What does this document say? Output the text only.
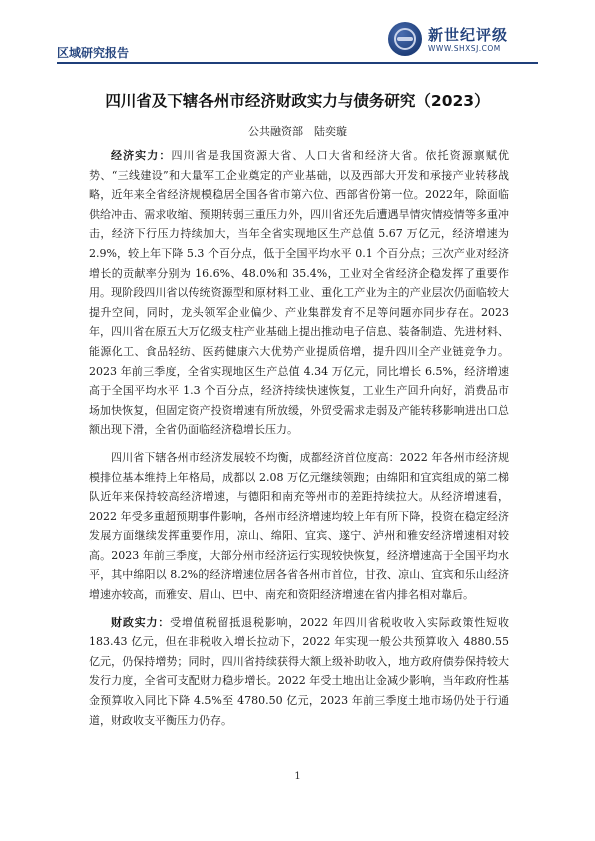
区域研究报告
新世纪评级
WWW.SHXSJ.COM
四川省及下辖各州市经济财政实力与债务研究（2023）
公共融资部　陆奕璇

经济实力：四川省是我国资源大省、人口大省和经济大省。依托资源禀赋优势、“三线建设”和大量军工企业奠定的产业基础，以及西部大开发和承接产业转移战略，近年来全省经济规模稳居全国各省市第六位、西部省份第一位。2022年，除面临供给冲击、需求收缩、预期转弱三重压力外，四川省还先后遭遇旱情灾情疫情等多重冲击，经济下行压力持续加大，当年全省实现地区生产总值 5.67 万亿元，经济增速为 2.9%，较上年下降 5.3 个百分点，低于全国平均水平 0.1 个百分点；三次产业对经济增长的贡献率分别为 16.6%、48.0%和 35.4%，工业对全省经济企稳发挥了重要作用。现阶段四川省以传统资源型和原材料工业、重化工产业为主的产业层次仍面临较大提升空间，同时，龙头领军企业偏少、产业集群发育不足等问题亦同步存在。2023 年，四川省在原五大万亿级支柱产业基础上提出推动电子信息、装备制造、先进材料、能源化工、食品轻纺、医药健康六大优势产业提质倍增，提升四川全产业链竞争力。2023 年前三季度，全省实现地区生产总值 4.34 万亿元，同比增长 6.5%，经济增速高于全国平均水平 1.3 个百分点，经济持续快速恢复，工业生产回升向好，消费品市场加快恢复，但固定资产投资增速有所放缓，外贸受需求走弱及产能转移影响进出口总额出现下滑，全省仍面临经济稳增长压力。

四川省下辖各州市经济发展较不均衡，成都经济首位度高：2022 年各州市经济规模排位基本维持上年格局，成都以 2.08 万亿元继续领跑；由绵阳和宜宾组成的第二梯队近年来保持较高经济增速，与德阳和南充等州市的差距持续拉大。从经济增速看，2022 年受多重超预期事件影响，各州市经济增速均较上年有所下降，投资在稳定经济发展方面继续发挥重要作用，凉山、绵阳、宜宾、遂宁、泸州和雅安经济增速相对较高。2023 年前三季度，大部分州市经济运行实现较快恢复，经济增速高于全国平均水平，其中绵阳以 8.2%的经济增速位居各省各州市首位，甘孜、凉山、宜宾和乐山经济增速亦较高，而雅安、眉山、巴中、南充和资阳经济增速在省内排名相对靠后。

财政实力：受增值税留抵退税影响，2022 年四川省税收收入实际政策性短收 183.43 亿元，但在非税收入增长拉动下，2022 年实现一般公共预算收入 4880.55 亿元，仍保持增势；同时，四川省持续获得大额上级补助收入，地方政府债券保持较大发行力度，全省可支配财力稳步增长。2022 年受土地出让金减少影响，当年政府性基金预算收入同比下降 4.5%至 4780.50 亿元，2023 年前三季度土地市场仍处于行通道，财政收支平衡压力仍存。

1
